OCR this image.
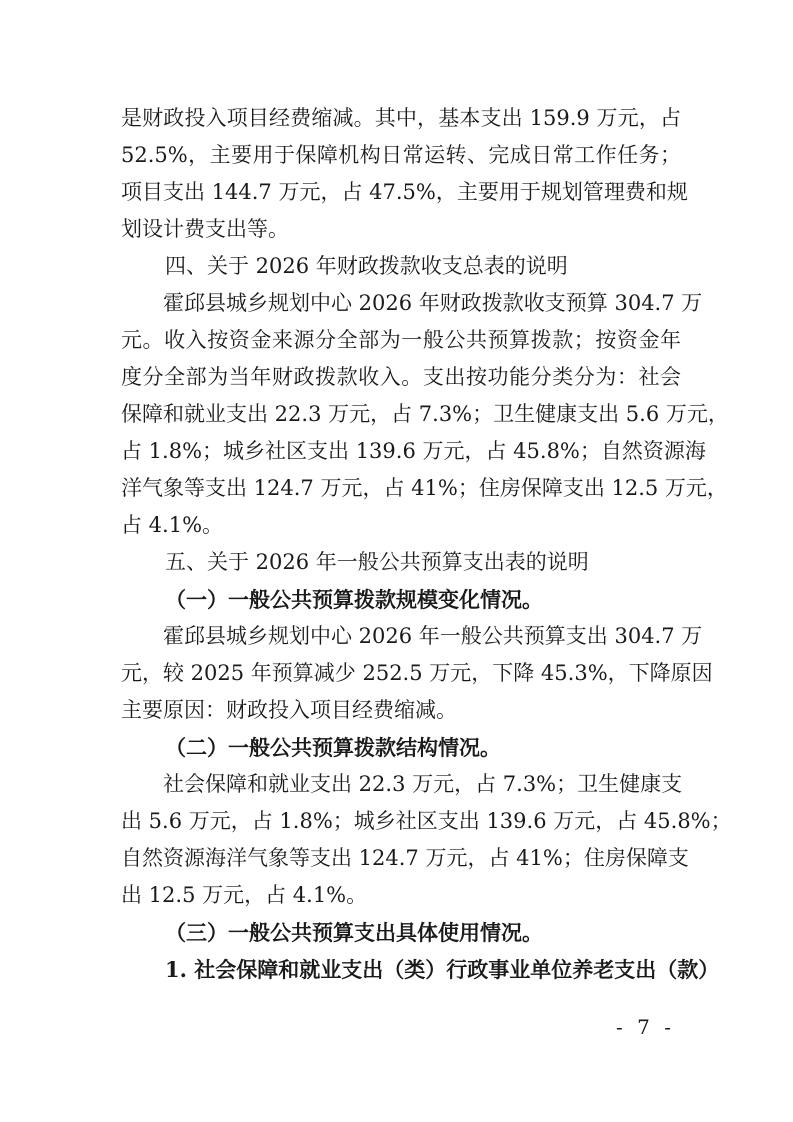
是财政投入项目经费缩减。其中，基本支出 159.9 万元，占
52.5%，主要用于保障机构日常运转、完成日常工作任务；
项目支出 144.7 万元，占 47.5%，主要用于规划管理费和规
划设计费支出等。
四、关于 2026 年财政拨款收支总表的说明
霍邱县城乡规划中心 2026 年财政拨款收支预算 304.7 万
元。收入按资金来源分全部为一般公共预算拨款；按资金年
度分全部为当年财政拨款收入。支出按功能分类分为：社会
保障和就业支出 22.3 万元，占 7.3%；卫生健康支出 5.6 万元，
占 1.8%；城乡社区支出 139.6 万元，占 45.8%；自然资源海
洋气象等支出 124.7 万元，占 41%；住房保障支出 12.5 万元，
占 4.1%。
五、关于 2026 年一般公共预算支出表的说明
（一）一般公共预算拨款规模变化情况。
霍邱县城乡规划中心 2026 年一般公共预算支出 304.7 万
元，较 2025 年预算减少 252.5 万元，下降 45.3%，下降原因
主要原因：财政投入项目经费缩减。
（二）一般公共预算拨款结构情况。
社会保障和就业支出 22.3 万元，占 7.3%；卫生健康支
出 5.6 万元，占 1.8%；城乡社区支出 139.6 万元，占 45.8%；
自然资源海洋气象等支出 124.7 万元，占 41%；住房保障支
出 12.5 万元，占 4.1%。
（三）一般公共预算支出具体使用情况。
1. 社会保障和就业支出（类）行政事业单位养老支出（款）
- 7 -
